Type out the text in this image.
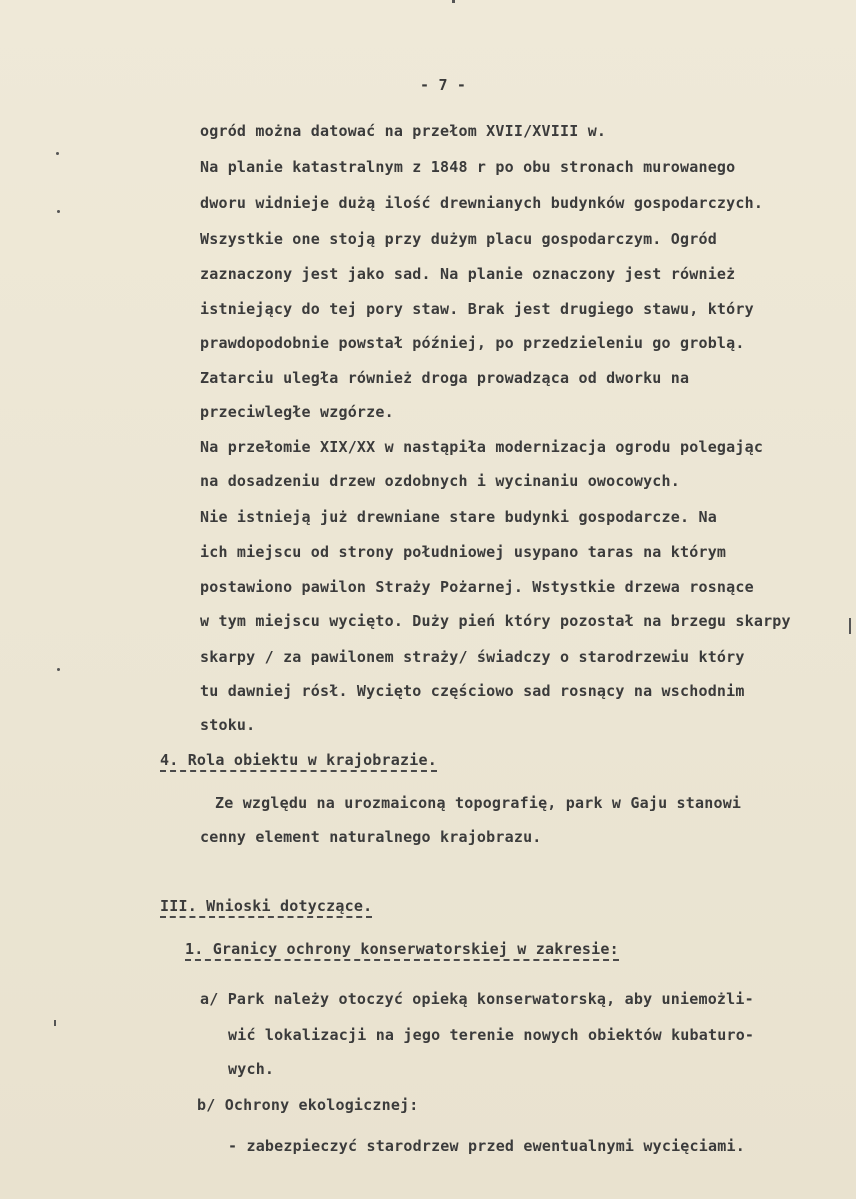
- 7 -
ogród można datować na przełom XVII/XVIII w.
Na planie katastralnym z 1848 r po obu stronach murowanego
dworu widnieje dużą ilość drewnianych budynków gospodarczych.
Wszystkie one stoją przy dużym placu gospodarczym. Ogród
zaznaczony jest jako sad. Na planie oznaczony jest również
istniejący do tej pory staw. Brak jest drugiego stawu, który
prawdopodobnie powstał później, po przedzieleniu go groblą.
Zatarciu uległa również droga prowadząca od dworku na
przeciwległe wzgórze.
Na przełomie XIX/XX w nastąpiła modernizacja ogrodu polegając
na dosadzeniu drzew ozdobnych i wycinaniu owocowych.
Nie istnieją już drewniane stare budynki gospodarcze. Na
ich miejscu od strony południowej usypano taras na którym
postawiono pawilon Straży Pożarnej. Wstystkie drzewa rosnące
w tym miejscu wycięto. Duży pień który pozostał na brzegu skarpy
skarpy / za pawilonem straży/ świadczy o starodrzewiu który
tu dawniej rósł. Wycięto częściowo sad rosnący na wschodnim
stoku.
4. Rola obiektu w krajobrazie.
Ze względu na urozmaiconą topografię, park w Gaju stanowi
cenny element naturalnego krajobrazu.
III. Wnioski dotyczące.
1. Granicy ochrony konserwatorskiej w zakresie:
a/ Park należy otoczyć opieką konserwatorską, aby uniemożli-
wić lokalizacji na jego terenie nowych obiektów kubaturo-
wych.
b/ Ochrony ekologicznej:
- zabezpieczyć starodrzew przed ewentualnymi wycięciami.
